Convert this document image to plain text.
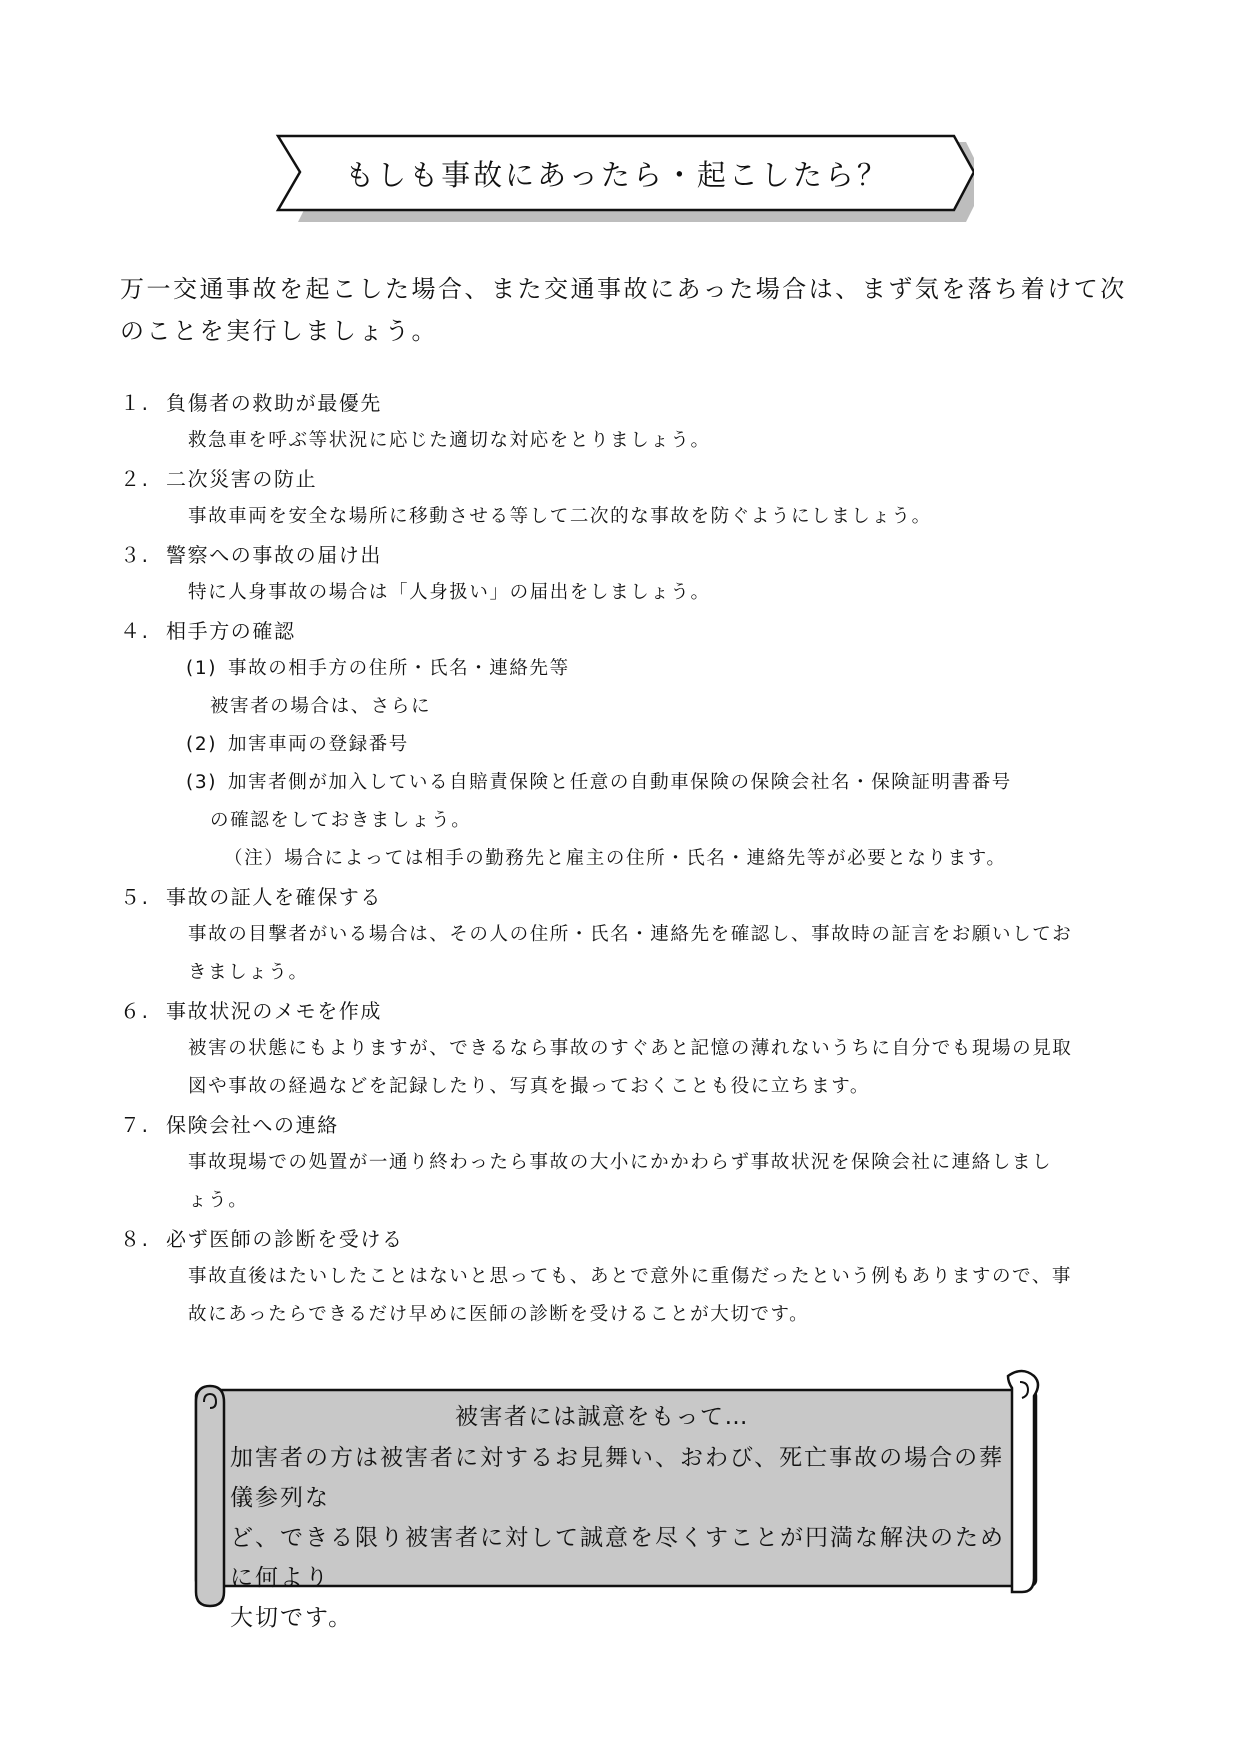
もしも事故にあったら・起こしたら？

万一交通事故を起こした場合、また交通事故にあった場合は、まず気を落ち着けて次のことを実行しましょう。

１. 負傷者の救助が最優先
救急車を呼ぶ等状況に応じた適切な対応をとりましょう。
２. 二次災害の防止
事故車両を安全な場所に移動させる等して二次的な事故を防ぐようにしましょう。
３. 警察への事故の届け出
特に人身事故の場合は「人身扱い」の届出をしましょう。
４. 相手方の確認
(1) 事故の相手方の住所・氏名・連絡先等
被害者の場合は、さらに
(2) 加害車両の登録番号
(3) 加害者側が加入している自賠責保険と任意の自動車保険の保険会社名・保険証明書番号
の確認をしておきましょう。
（注）場合によっては相手の勤務先と雇主の住所・氏名・連絡先等が必要となります。
５. 事故の証人を確保する
事故の目撃者がいる場合は、その人の住所・氏名・連絡先を確認し、事故時の証言をお願いしてお
きましょう。
６. 事故状況のメモを作成
被害の状態にもよりますが、できるなら事故のすぐあと記憶の薄れないうちに自分でも現場の見取
図や事故の経過などを記録したり、写真を撮っておくことも役に立ちます。
７. 保険会社への連絡
事故現場での処置が一通り終わったら事故の大小にかかわらず事故状況を保険会社に連絡しまし
ょう。
８. 必ず医師の診断を受ける
事故直後はたいしたことはないと思っても、あとで意外に重傷だったという例もありますので、事
故にあったらできるだけ早めに医師の診断を受けることが大切です。
被害者には誠意をもって…
加害者の方は被害者に対するお見舞い、おわび、死亡事故の場合の葬儀参列な
ど、できる限り被害者に対して誠意を尽くすことが円満な解決のために何より
大切です。
